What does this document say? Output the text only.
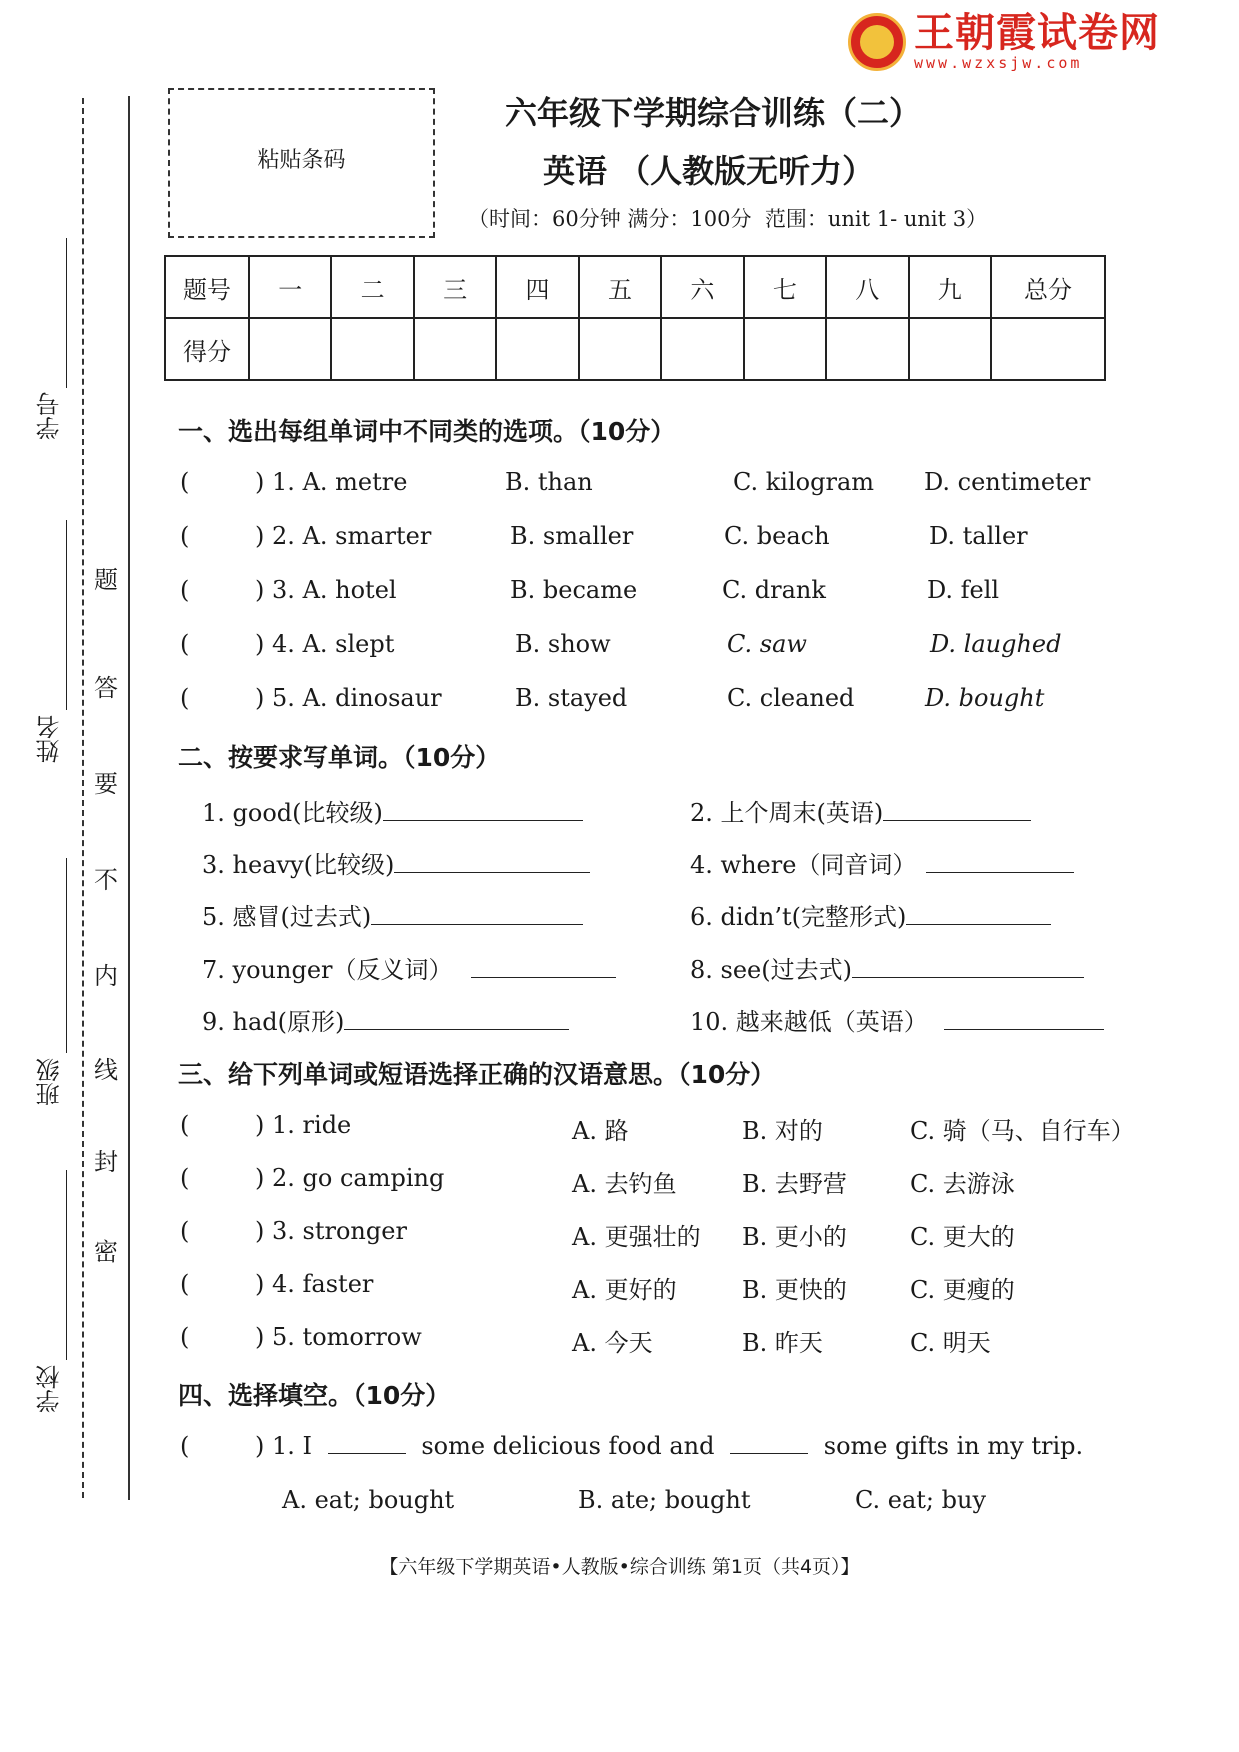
王朝霞试卷网
www.wzxsjw.com
学号
姓名
班级
学校
题
答
要
不
内
线
封
密
粘贴条码
六年级下学期综合训练（二）
英语 （人教版无听力）
（时间：60分钟 满分：100分  范围：unit 1- unit 3）
题号	一	二	三	四	五	六	七	八	九	总分
得分										
一、选出每组单词中不同类的选项。（10分）
(	) 1. A. metre	B. than	C. kilogram D. centimeter
(	) 2. A. smarter	B. smaller	C. beach	D. taller
(	) 3. A. hotel	B. became	C. drank	D. fell
(	) 4. A. slept	B. show	C. saw	D. laughed
(	) 5. A. dinosaur	B. stayed	C. cleaned	D. bought
二、按要求写单词。（10分）
1. good(比较级)	2. 上个周末(英语)
3. heavy(比较级)	4. where（同音词）
5. 感冒(过去式)	6. didn’t(完整形式)
7. younger（反义词）	8. see(过去式)
9. had(原形)	10. 越来越低（英语）
三、给下列单词或短语选择正确的汉语意思。（10分）
(	) 1. ride	A. 路	B. 对的	C. 骑（马、自行车）
(	) 2. go camping	A. 去钓鱼	B. 去野营	C. 去游泳
(	) 3. stronger	A. 更强壮的 B. 更小的	C. 更大的
(	) 4. faster	A. 更好的	B. 更快的	C. 更瘦的
(	) 5. tomorrow	A. 今天	B. 昨天	C. 明天
四、选择填空。（10分）
(	) 1. I	some delicious food and	some gifts in my trip.
A. eat; bought	B. ate; bought	C. eat; buy
【六年级下学期英语•人教版•综合训练 第1页（共4页）】
